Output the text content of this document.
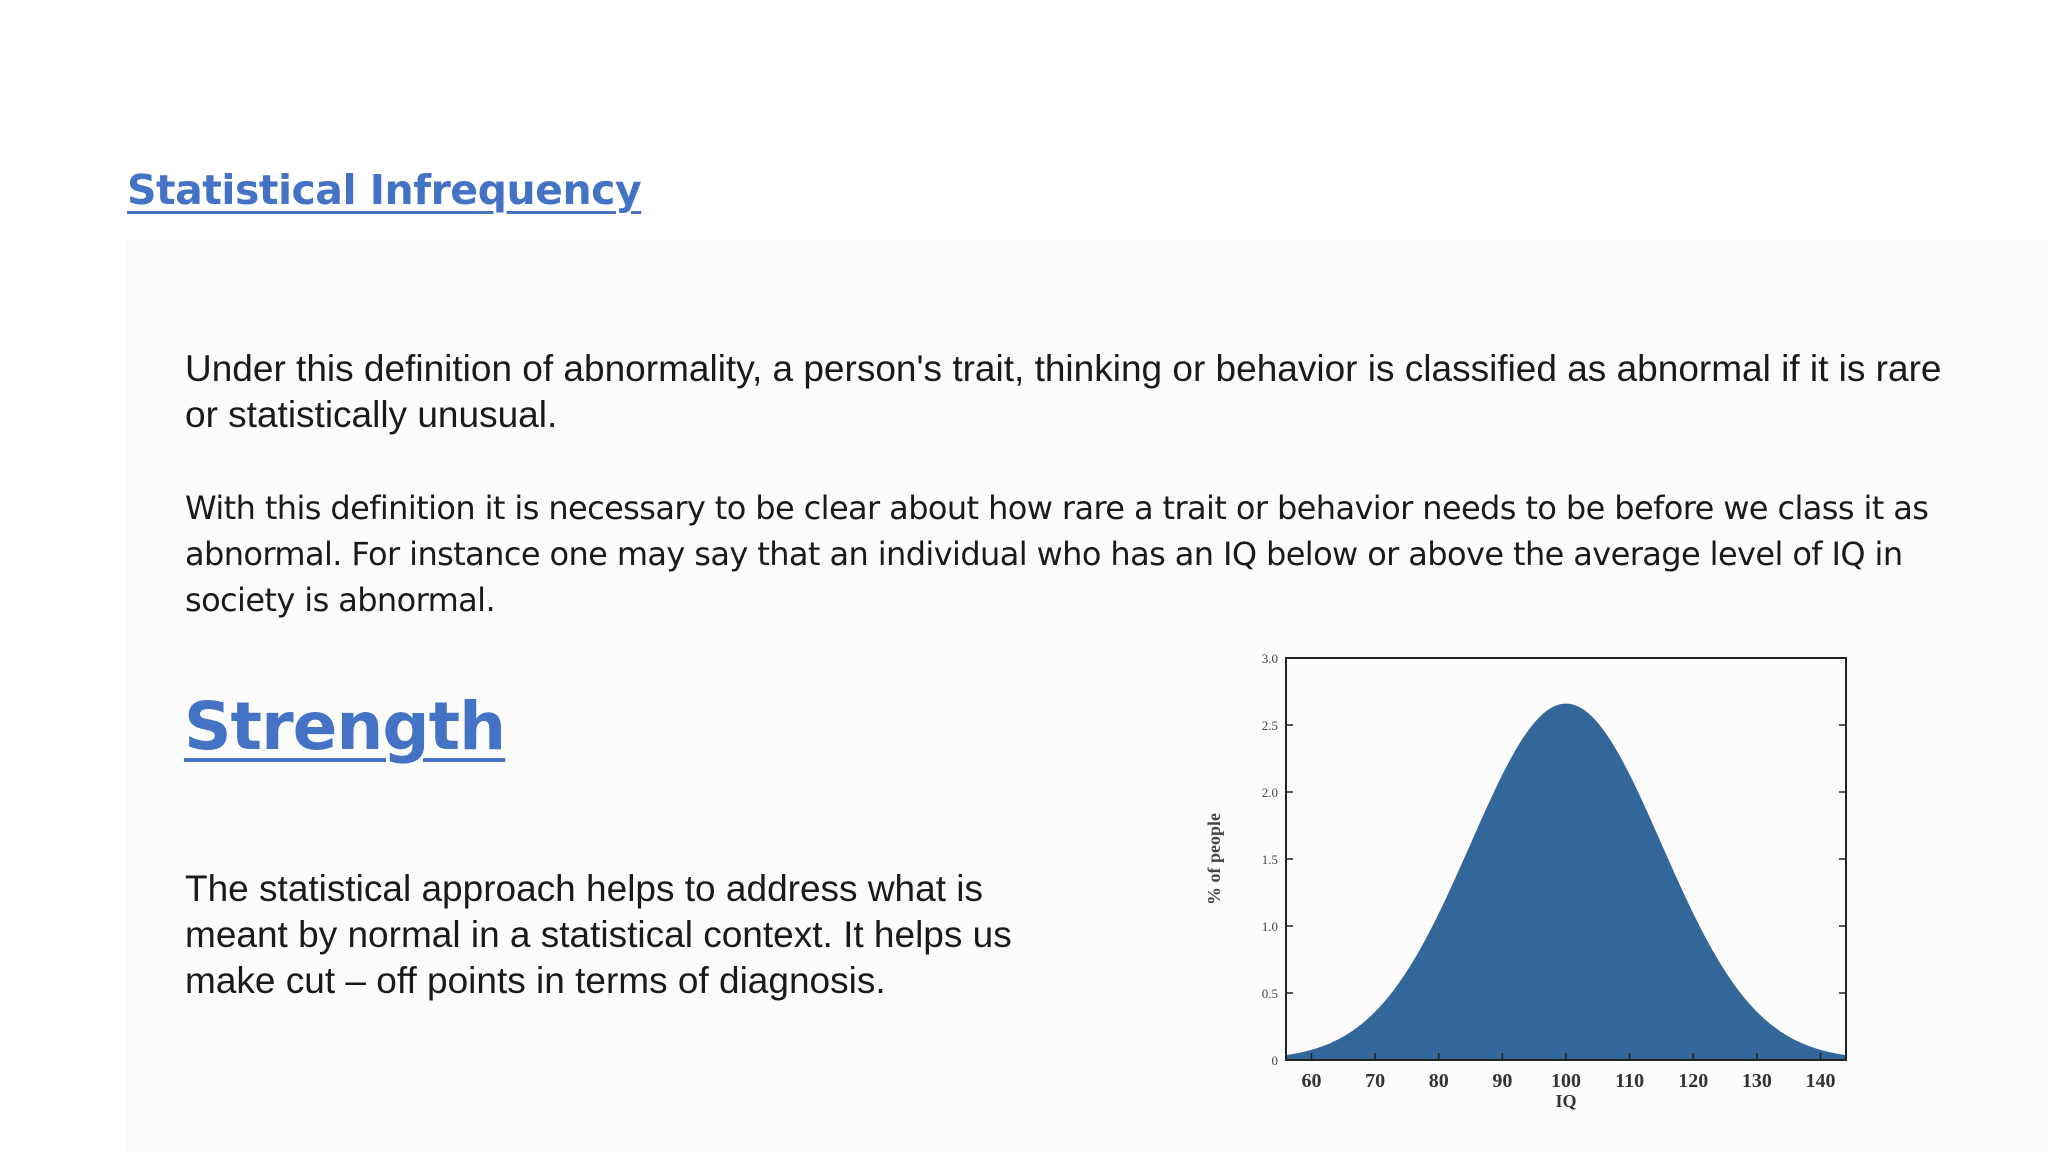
Statistical Infrequency

Under this definition of abnormality, a person's trait, thinking or behavior is classified as abnormal if it is rare or statistically unusual.

With this definition it is necessary to be clear about how rare a trait or behavior needs to be before we class it as abnormal. For instance one may say that an individual who has an IQ below or above the average level of IQ in society is abnormal.

Strength

The statistical approach helps to address what is meant by normal in a statistical context. It helps us make cut – off points in terms of diagnosis.

0
0.5
1.0
1.5
2.0
2.5
3.0
60 70 80 90 100 110 120 130 140
IQ
% of people
